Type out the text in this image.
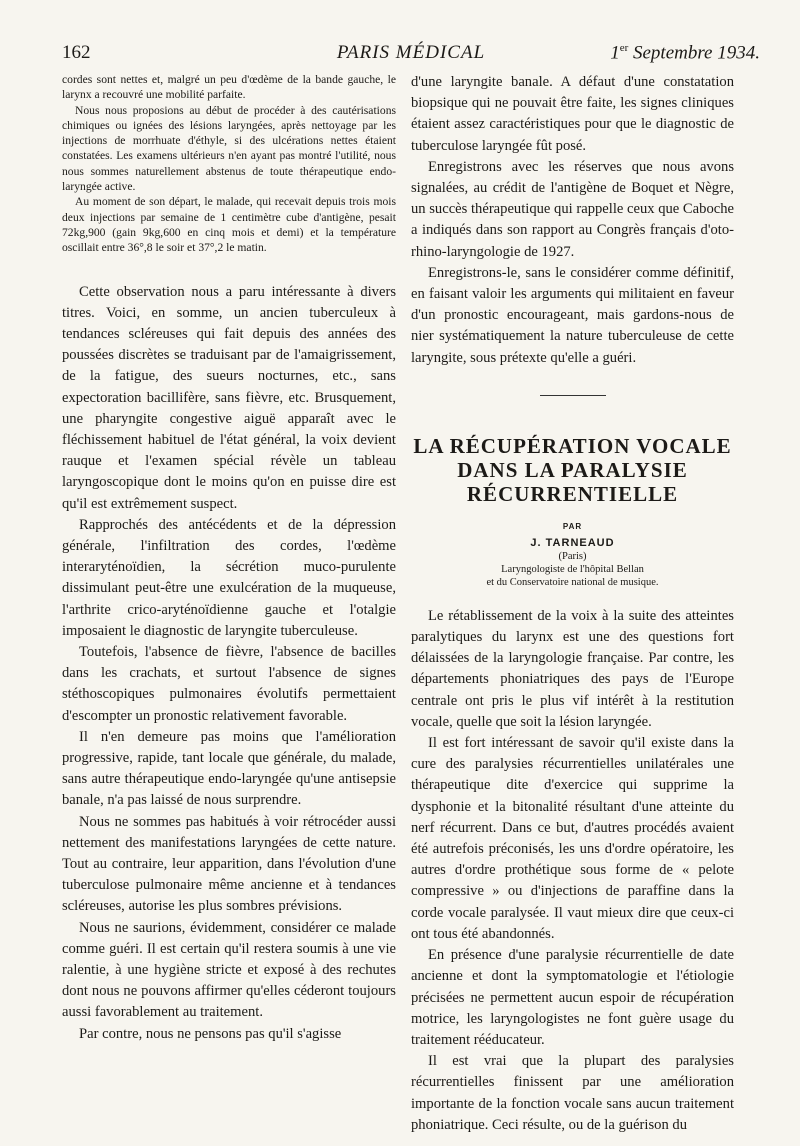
162	PARIS MÉDICAL	1er Septembre 1934.

cordes sont nettes et, malgré un peu d'œdème de la bande gauche, le larynx a recouvré une mobilité parfaite.

Nous nous proposions au début de procéder à des cautérisations chimiques ou ignées des lésions laryngées, après nettoyage par les injections de morrhuate d'éthyle, si des ulcérations nettes étaient constatées. Les examens ultérieurs n'en ayant pas montré l'utilité, nous nous sommes naturellement abstenus de toute thérapeutique endo-laryngée active.

Au moment de son départ, le malade, qui recevait depuis trois mois deux injections par semaine de 1 centimètre cube d'antigène, pesait 72kg,900 (gain 9kg,600 en cinq mois et demi) et la température oscillait entre 36°,8 le soir et 37°,2 le matin.

Cette observation nous a paru intéressante à divers titres. Voici, en somme, un ancien tuberculeux à tendances scléreuses qui fait depuis des années des poussées discrètes se traduisant par de l'amaigrissement, de la fatigue, des sueurs nocturnes, etc., sans expectoration bacillifère, sans fièvre, etc. Brusquement, une pharyngite congestive aiguë apparaît avec le fléchissement habituel de l'état général, la voix devient rauque et l'examen spécial révèle un tableau laryngoscopique dont le moins qu'on en puisse dire est qu'il est extrêmement suspect.

Rapprochés des antécédents et de la dépression générale, l'infiltration des cordes, l'œdème interaryténoïdien, la sécrétion muco-purulente dissimulant peut-être une exulcération de la muqueuse, l'arthrite crico-aryténoïdienne gauche et l'otalgie imposaient le diagnostic de laryngite tuberculeuse.

Toutefois, l'absence de fièvre, l'absence de bacilles dans les crachats, et surtout l'absence de signes stéthoscopiques pulmonaires évolutifs permettaient d'escompter un pronostic relativement favorable.

Il n'en demeure pas moins que l'amélioration progressive, rapide, tant locale que générale, du malade, sans autre thérapeutique endo-laryngée qu'une antisepsie banale, n'a pas laissé de nous surprendre.

Nous ne sommes pas habitués à voir rétrocéder aussi nettement des manifestations laryngées de cette nature. Tout au contraire, leur apparition, dans l'évolution d'une tuberculose pulmonaire même ancienne et à tendances scléreuses, autorise les plus sombres prévisions.

Nous ne saurions, évidemment, considérer ce malade comme guéri. Il est certain qu'il restera soumis à une vie ralentie, à une hygiène stricte et exposé à des rechutes dont nous ne pouvons affirmer qu'elles céderont toujours aussi favorablement au traitement.

Par contre, nous ne pensons pas qu'il s'agisse

d'une laryngite banale. A défaut d'une constatation biopsique qui ne pouvait être faite, les signes cliniques étaient assez caractéristiques pour que le diagnostic de tuberculose laryngée fût posé.

Enregistrons avec les réserves que nous avons signalées, au crédit de l'antigène de Boquet et Nègre, un succès thérapeutique qui rappelle ceux que Caboche a indiqués dans son rapport au Congrès français d'oto-rhino-laryngologie de 1927.

Enregistrons-le, sans le considérer comme définitif, en faisant valoir les arguments qui militaient en faveur d'un pronostic encourageant, mais gardons-nous de nier systématiquement la nature tuberculeuse de cette laryngite, sous prétexte qu'elle a guéri.

LA RÉCUPÉRATION VOCALE

DANS LA PARALYSIE

RÉCURRENTIELLE

PAR
J. TARNEAUD
(Paris)
Laryngologiste de l'hôpital Bellan
et du Conservatoire national de musique.

Le rétablissement de la voix à la suite des atteintes paralytiques du larynx est une des questions fort délaissées de la laryngologie française. Par contre, les départements phoniatriques des pays de l'Europe centrale ont pris le plus vif intérêt à la restitution vocale, quelle que soit la lésion laryngée.

Il est fort intéressant de savoir qu'il existe dans la cure des paralysies récurrentielles unilatérales une thérapeutique dite d'exercice qui supprime la dysphonie et la bitonalité résultant d'une atteinte du nerf récurrent. Dans ce but, d'autres procédés avaient été autrefois préconisés, les uns d'ordre opératoire, les autres d'ordre prothétique sous forme de « pelote compressive » ou d'injections de paraffine dans la corde vocale paralysée. Il vaut mieux dire que ceux-ci ont tous été abandonnés.

En présence d'une paralysie récurrentielle de date ancienne et dont la symptomatologie et l'étiologie précisées ne permettent aucun espoir de récupération motrice, les laryngologistes ne font guère usage du traitement rééducateur.

Il est vrai que la plupart des paralysies récurrentielles finissent par une amélioration importante de la fonction vocale sans aucun traitement phoniatrique. Ceci résulte, ou de la guérison du
